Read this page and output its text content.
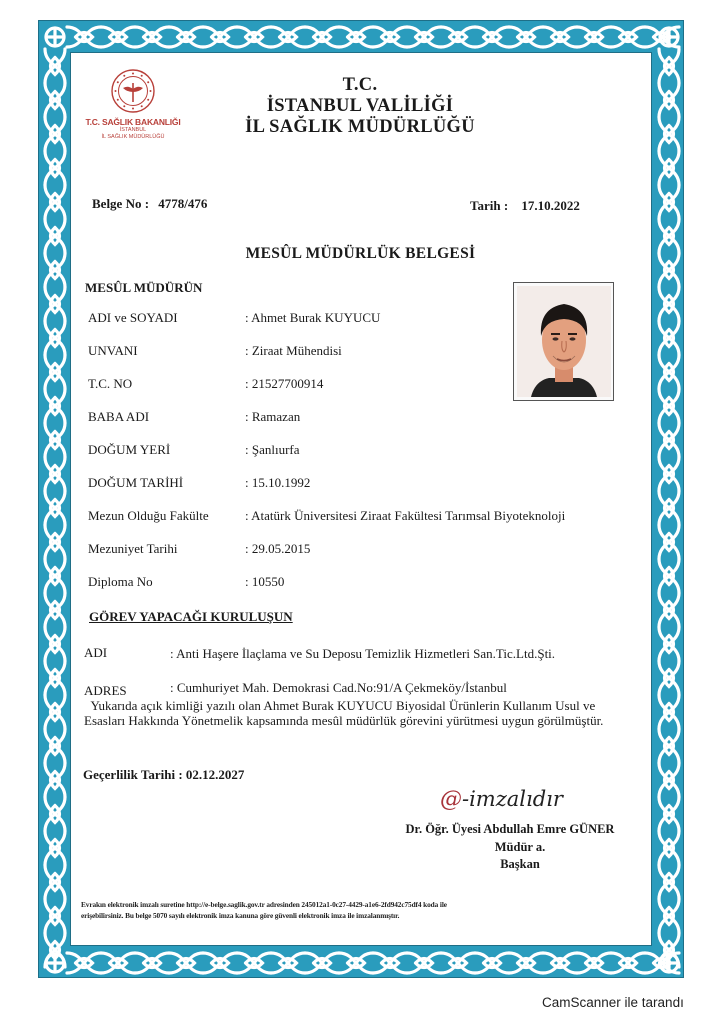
T.C. SAĞLIK BAKANLIĞI
İSTANBUL
İL SAĞLIK MÜDÜRLÜĞÜ
T.C.
İSTANBUL VALİLİĞİ
İL SAĞLIK MÜDÜRLÜĞÜ
Belge No : 4778/476	Tarih : 17.10.2022
MESÛL MÜDÜRLÜK BELGESİ
MESÛL MÜDÜRÜN
ADI ve SOYADI	: Ahmet Burak KUYUCU
UNVANI	: Ziraat Mühendisi
T.C. NO	: 21527700914
BABA ADI	: Ramazan
DOĞUM YERİ	: Şanlıurfa
DOĞUM TARİHİ	: 15.10.1992
Mezun Olduğu Fakülte	: Atatürk Üniversitesi Ziraat Fakültesi Tarımsal Biyoteknoloji
Mezuniyet Tarihi	: 29.05.2015
Diploma No	: 10550
GÖREV YAPACAĞI KURULUŞUN
ADI	: Anti Haşere İlaçlama ve Su Deposu Temizlik Hizmetleri San.Tic.Ltd.Şti.
ADRES	: Cumhuriyet Mah. Demokrasi Cad.No:91/A Çekmeköy/İstanbul
Yukarıda açık kimliği yazılı olan Ahmet Burak KUYUCU Biyosidal Ürünlerin Kullanım Usul ve Esasları Hakkında Yönetmelik kapsamında mesûl müdürlük görevini yürütmesi uygun görülmüştür.
Geçerlilik Tarihi : 02.12.2027
@-imzalıdır
Dr. Öğr. Üyesi Abdullah Emre GÜNER
Müdür a.
Başkan
Evrakın elektronik imzalı suretine http://e-belge.saglik.gov.tr adresinden 245012a1-0c27-4429-a1e6-2fd942c75df4 koda ile
erişebilirsiniz. Bu belge 5070 sayılı elektronik imza kanuna göre güvenli elektronik imza ile imzalanmıştır.
CamScanner ile tarandı
